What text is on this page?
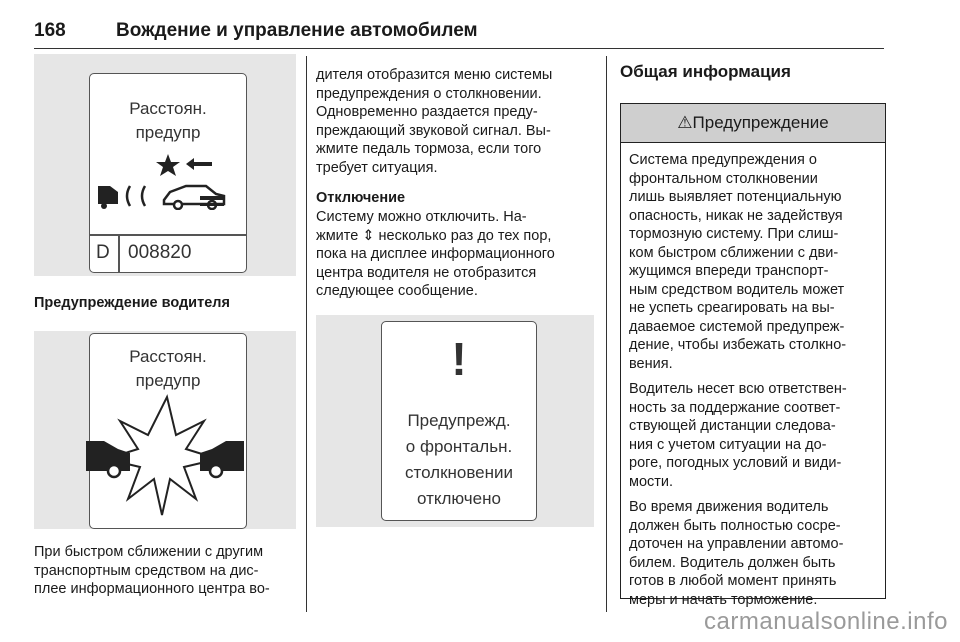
168	Вождение и управление автомобилем
Расстоян.
предупр
D 008820
Предупреждение водителя
Расстоян.
предупр

При быстром сближении с другим

транспортным средством на дис-

плее информационного центра во-

дителя отобразится меню системы

предупреждения о столкновении.

Одновременно раздается преду-

преждающий звуковой сигнал. Вы-

жмите педаль тормоза, если того

требует ситуация.

Отключение

Систему можно отключить. На-

жмите ⇕ несколько раз до тех пор,

пока на дисплее информационного

центра водителя не отобразится

следующее сообщение.

!
Предупрежд.
о фронтальн.
столкновении
отключено
Общая информация
⚠Предупреждение

Система предупреждения о
фронтальном столкновении
лишь выявляет потенциальную
опасность, никак не задействуя
тормозную систему. При слиш-
ком быстром сближении с дви-
жущимся впереди транспорт-
ным средством водитель может
не успеть среагировать на вы-
даваемое системой предупреж-
дение, чтобы избежать столкно-
вения.

Водитель несет всю ответствен-
ность за поддержание соответ-
ствующей дистанции следова-
ния с учетом ситуации на до-
роге, погодных условий и види-
мости.

Во время движения водитель
должен быть полностью сосре-
доточен на управлении автомо-
билем. Водитель должен быть
готов в любой момент принять
меры и начать торможение.

carmanualsonline.info
